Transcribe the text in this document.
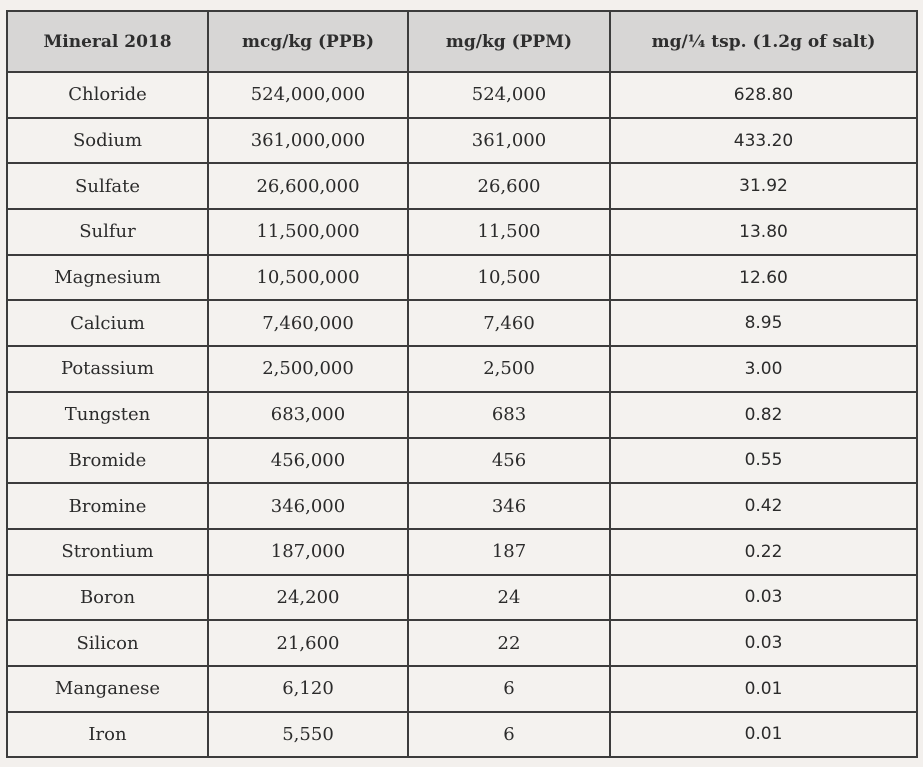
Mineral 2018	mcg/kg (PPB)	mg/kg (PPM)	mg/¼ tsp. (1.2g of salt)
Chloride	524,000,000	524,000	628.80
Sodium	361,000,000	361,000	433.20
Sulfate	26,600,000	26,600	31.92
Sulfur	11,500,000	11,500	13.80
Magnesium	10,500,000	10,500	12.60
Calcium	7,460,000	7,460	8.95
Potassium	2,500,000	2,500	3.00
Tungsten	683,000	683	0.82
Bromide	456,000	456	0.55
Bromine	346,000	346	0.42
Strontium	187,000	187	0.22
Boron	24,200	24	0.03
Silicon	21,600	22	0.03
Manganese	6,120	6	0.01
Iron	5,550	6	0.01
